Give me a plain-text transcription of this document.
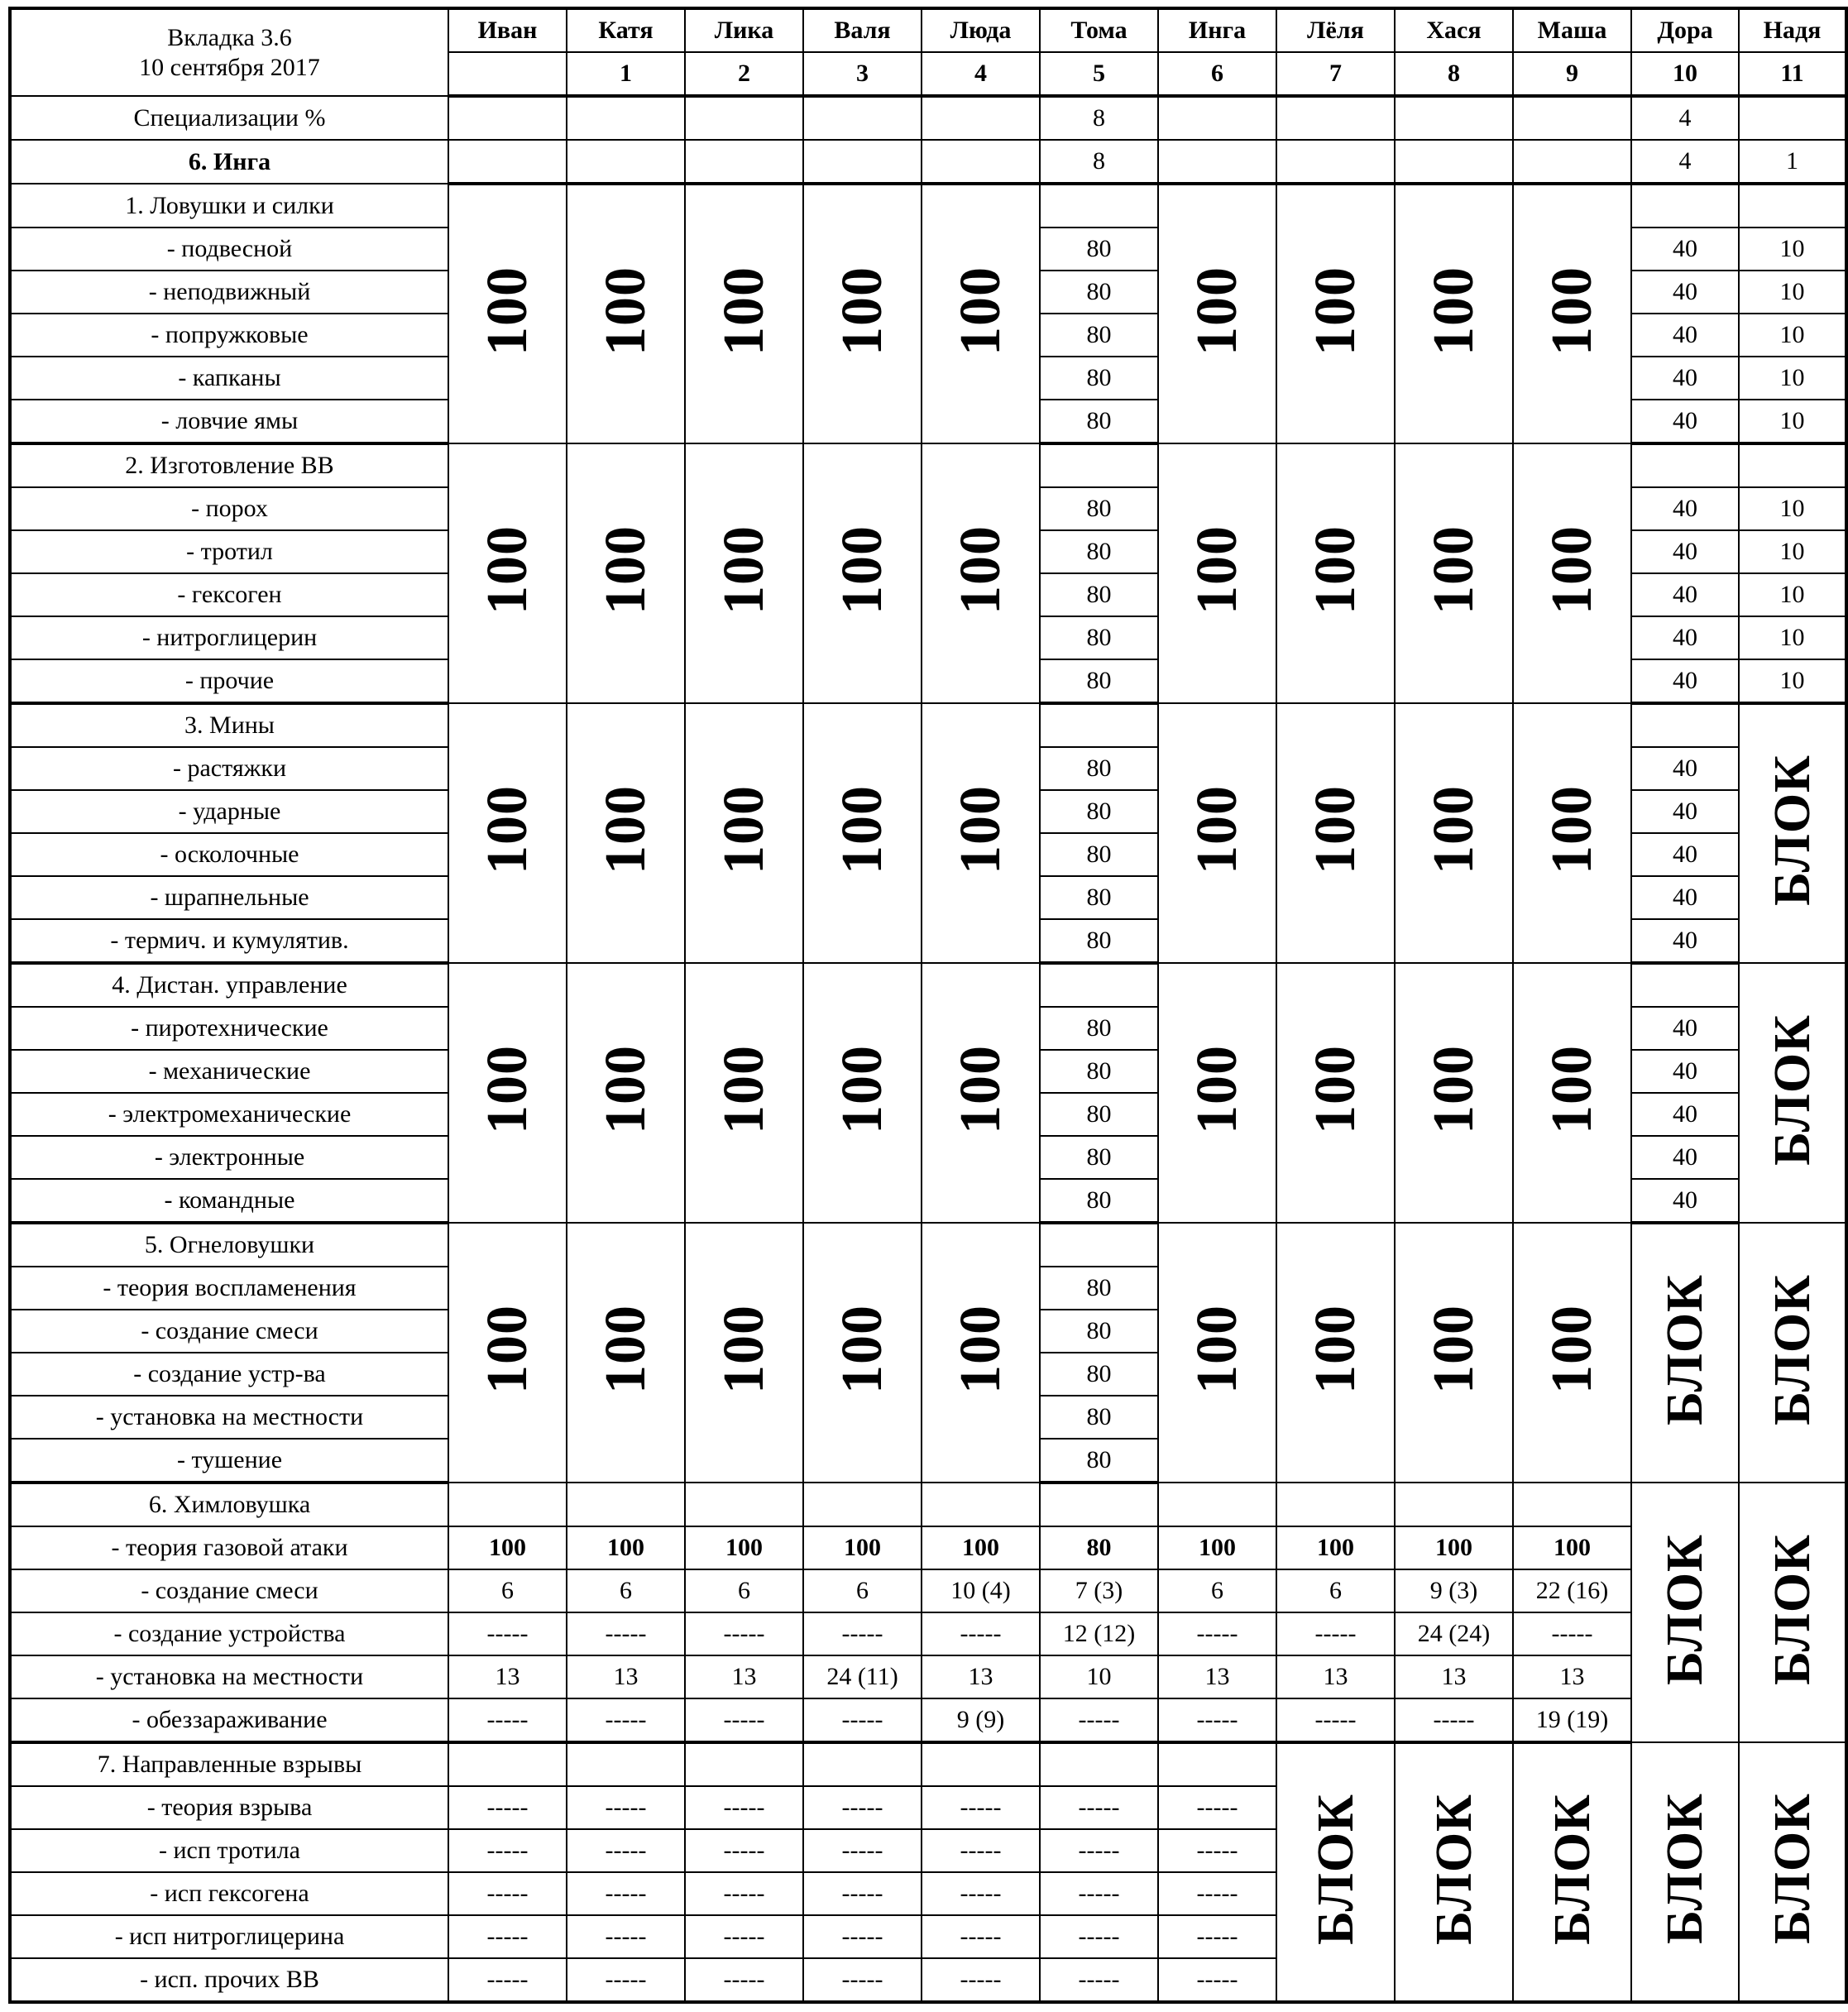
Вкладка 3.6
10 сентября 2017	Иван	Катя	Лика	Валя	Люда	Тома	Инга	Лёля	Хася	Маша	Дора	Надя
		1	2	3	4	5	6	7	8	9	10	11
Специализации %						8					4	
6. Инга						8					4	1
1. Ловушки и силки	100	100	100	100	100		100	100	100	100		
- подвесной						80					40	10
- неподвижный						80					40	10
- попружковые						80					40	10
- капканы						80					40	10
- ловчие ямы						80					40	10
2. Изготовление ВВ	100	100	100	100	100		100	100	100	100		
- порох						80					40	10
- тротил						80					40	10
- гексоген						80					40	10
- нитроглицерин						80					40	10
- прочие						80					40	10
3. Мины	100	100	100	100	100		100	100	100	100		БЛОК
- растяжки						80					40	
- ударные						80					40	
- осколочные						80					40	
- шрапнельные						80					40	
- термич. и кумулятив.						80					40	
4. Дистан. управление	100	100	100	100	100		100	100	100	100		БЛОК
- пиротехнические						80					40	
- механические						80					40	
- электромеханические						80					40	
- электронные						80					40	
- командные						80					40	
5. Огнеловушки	100	100	100	100	100		100	100	100	100	БЛОК	БЛОК
- теория воспламенения						80						
- создание смеси						80						
- создание устр-ва						80						
- установка на местности						80						
- тушение						80						
6. Химловушка											БЛОК	БЛОК
- теория газовой атаки	100	100	100	100	100	80	100	100	100	100		
- создание смеси	6	6	6	6	10 (4)	7 (3)	6	6	9 (3)	22 (16)		
- создание устройства	-----	-----	-----	-----	-----	12 (12)	-----	-----	24 (24)	-----		
- установка на местности	13	13	13	24 (11)	13	10	13	13	13	13		
- обеззараживание	-----	-----	-----	-----	9 (9)	-----	-----	-----	-----	19 (19)		
7. Направленные взрывы								БЛОК	БЛОК	БЛОК	БЛОК	БЛОК
- теория взрыва	-----	-----	-----	-----	-----	-----	-----					
- исп тротила	-----	-----	-----	-----	-----	-----	-----					
- исп гексогена	-----	-----	-----	-----	-----	-----	-----					
- исп нитроглицерина	-----	-----	-----	-----	-----	-----	-----					
- исп. прочих ВВ	-----	-----	-----	-----	-----	-----	-----					
